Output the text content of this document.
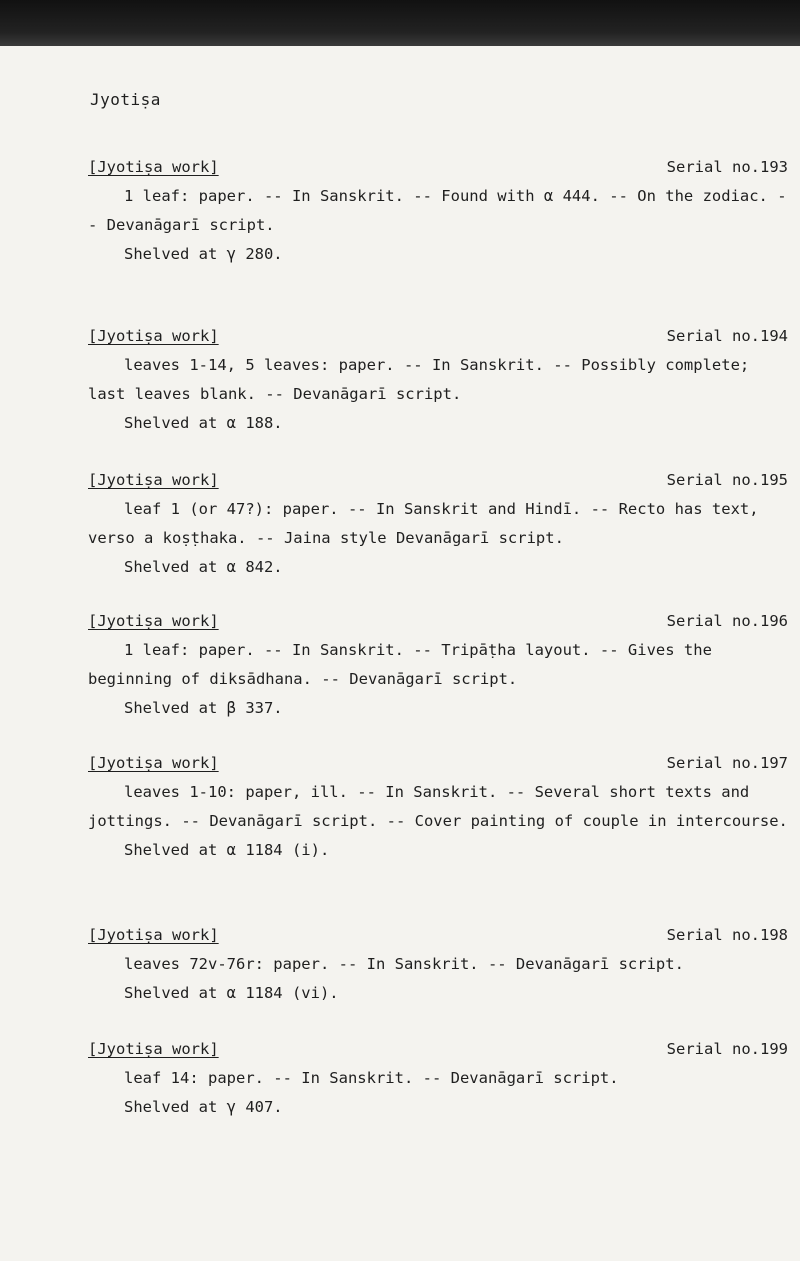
Jyotiṣa
[Jyotiṣa work]	Serial no.193
1 leaf: paper. -- In Sanskrit. -- Found with α 444. -- On the zodiac. -- Devanāgarī script.
Shelved at γ 280.
[Jyotiṣa work]	Serial no.194
leaves 1-14, 5 leaves: paper. -- In Sanskrit. -- Possibly complete; last leaves blank. -- Devanāgarī script.
Shelved at α 188.
[Jyotiṣa work]	Serial no.195
leaf 1 (or 47?): paper. -- In Sanskrit and Hindī. -- Recto has text, verso a koṣṭhaka. -- Jaina style Devanāgarī script.
Shelved at α 842.
[Jyotiṣa work]	Serial no.196
1 leaf: paper. -- In Sanskrit. -- Tripāṭha layout. -- Gives the beginning of diksādhana. -- Devanāgarī script.
Shelved at β 337.
[Jyotiṣa work]	Serial no.197
leaves 1-10: paper, ill. -- In Sanskrit. -- Several short texts and jottings. -- Devanāgarī script. -- Cover painting of couple in intercourse.
Shelved at α 1184 (i).
[Jyotiṣa work]	Serial no.198
leaves 72v-76r: paper. -- In Sanskrit. -- Devanāgarī script.
Shelved at α 1184 (vi).
[Jyotiṣa work]	Serial no.199
leaf 14: paper. -- In Sanskrit. -- Devanāgarī script.
Shelved at γ 407.
